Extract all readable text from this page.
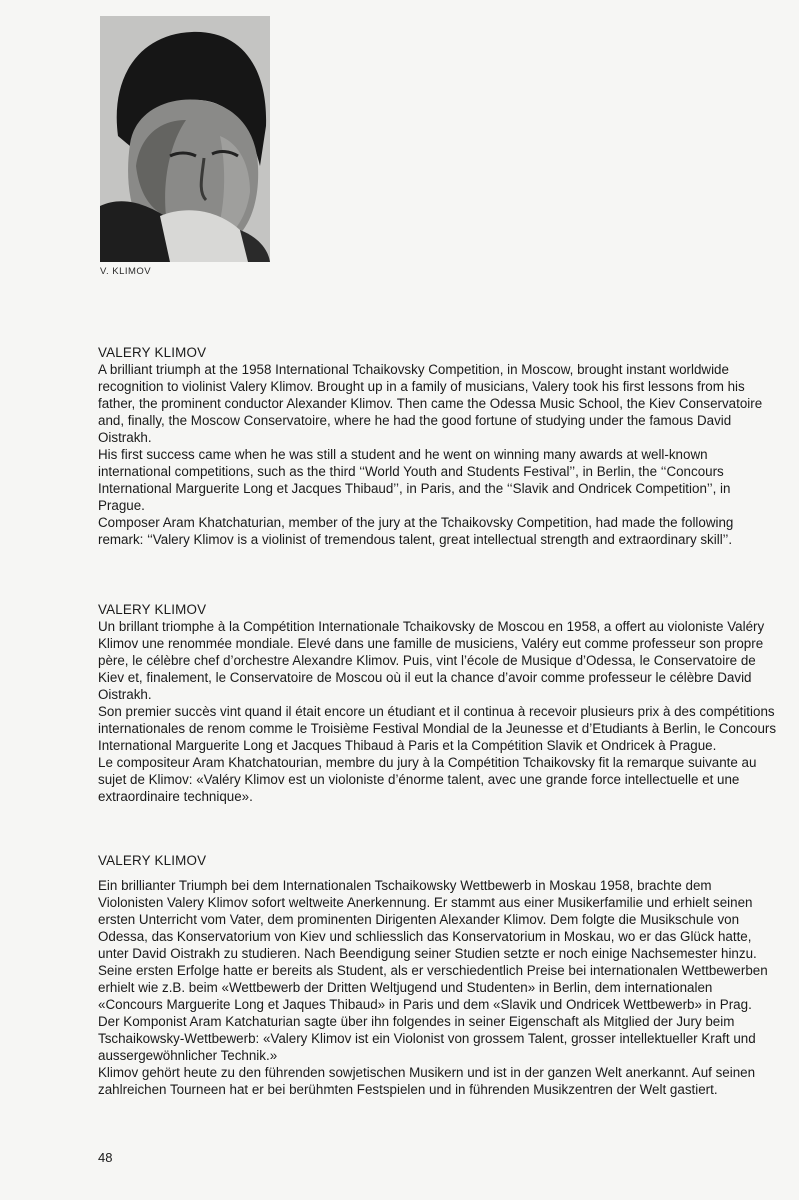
V. KLIMOV
VALERY KLIMOV

A brilliant triumph at the 1958 International Tchaikovsky Competition, in Moscow, brought instant worldwide recognition to violinist Valery Klimov. Brought up in a family of musicians, Valery took his first lessons from his father, the prominent conductor Alexander Klimov. Then came the Odessa Music School, the Kiev Conservatoire and, finally, the Moscow Conservatoire, where he had the good fortune of studying under the famous David Oistrakh.

His first success came when he was still a student and he went on winning many awards at well-known international competitions, such as the third ‘‘World Youth and Students Festival’’, in Berlin, the ‘‘Concours International Marguerite Long et Jacques Thibaud’’, in Paris, and the ‘‘Slavik and Ondricek Competition’’, in Prague.

Composer Aram Khatchaturian, member of the jury at the Tchaikovsky Competition, had made the following remark: ‘‘Valery Klimov is a violinist of tremendous talent, great intellectual strength and extraordinary skill’’.

VALERY KLIMOV

Un brillant triomphe à la Compétition Internationale Tchaikovsky de Moscou en 1958, a offert au violoniste Valéry Klimov une renommée mondiale. Elevé dans une famille de musiciens, Valéry eut comme professeur son propre père, le célèbre chef d’orchestre Alexandre Klimov. Puis, vint l’école de Musique d’Odessa, le Conservatoire de Kiev et, finalement, le Conservatoire de Moscou où il eut la chance d’avoir comme professeur le célèbre David Oistrakh.

Son premier succès vint quand il était encore un étudiant et il continua à recevoir plusieurs prix à des compétitions internationales de renom comme le Troisième Festival Mondial de la Jeunesse et d’Etudiants à Berlin, le Concours International Marguerite Long et Jacques Thibaud à Paris et la Compétition Slavik et Ondricek à Prague.

Le compositeur Aram Khatchatourian, membre du jury à la Compétition Tchaikovsky fit la remarque suivante au sujet de Klimov: «Valéry Klimov est un violoniste d’énorme talent, avec une grande force intellectuelle et une extraordinaire technique».

VALERY KLIMOV

Ein brillianter Triumph bei dem Internationalen Tschaikowsky Wettbewerb in Moskau 1958, brachte dem Violonisten Valery Klimov sofort weltweite Anerkennung. Er stammt aus einer Musikerfamilie und erhielt seinen ersten Unterricht vom Vater, dem prominenten Dirigenten Alexander Klimov. Dem folgte die Musikschule von Odessa, das Konservatorium von Kiev und schliesslich das Konservatorium in Moskau, wo er das Glück hatte, unter David Oistrakh zu studieren. Nach Beendigung seiner Studien setzte er noch einige Nachsemester hinzu. Seine ersten Erfolge hatte er bereits als Student, als er verschiedentlich Preise bei internationalen Wettbewerben erhielt wie z.B. beim «Wettbewerb der Dritten Weltjugend und Studenten» in Berlin, dem internationalen «Concours Marguerite Long et Jaques Thibaud» in Paris und dem «Slavik und Ondricek Wettbewerb» in Prag.

Der Komponist Aram Katchaturian sagte über ihn folgendes in seiner Eigenschaft als Mitglied der Jury beim Tschaikowsky-Wettbewerb: «Valery Klimov ist ein Violonist von grossem Talent, grosser intellektueller Kraft und aussergewöhnlicher Technik.»

Klimov gehört heute zu den führenden sowjetischen Musikern und ist in der ganzen Welt anerkannt. Auf seinen zahlreichen Tourneen hat er bei berühmten Festspielen und in führenden Musikzentren der Welt gastiert.

48
